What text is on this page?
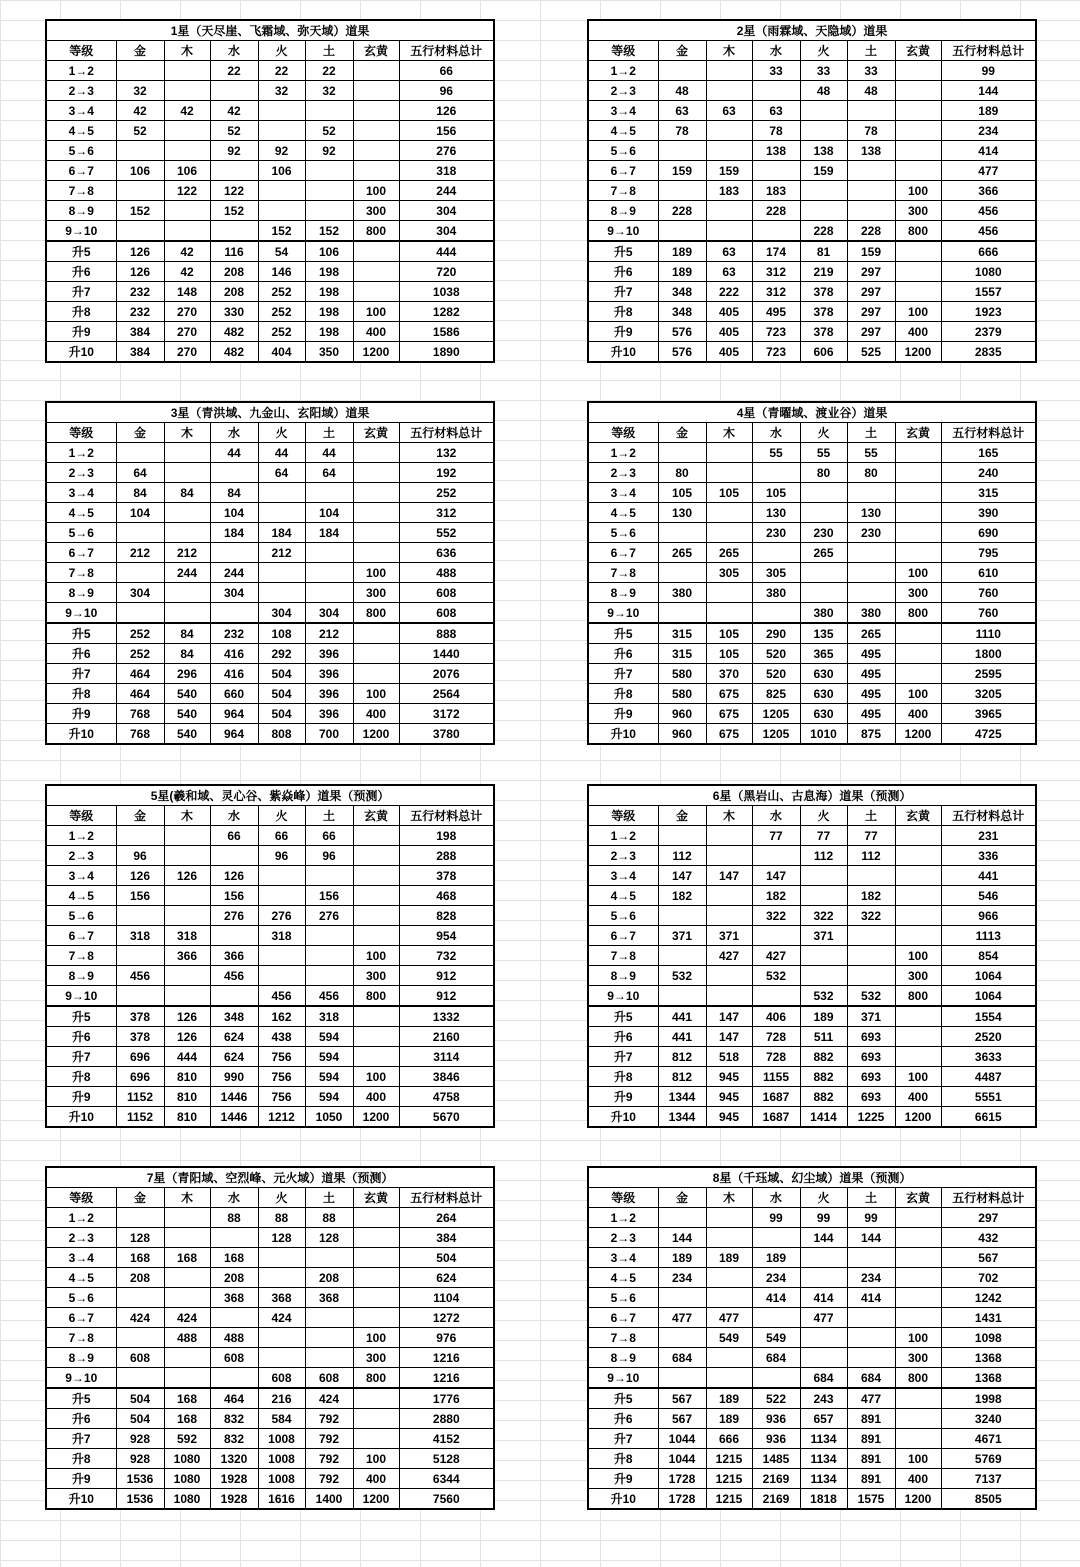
1星（天尽崖、飞霜域、弥天域）道果							
等级	金	木	水	火	土	玄黄	五行材料总计
1→2			22	22	22		66
2→3	32			32	32		96
3→4	42	42	42				126
4→5	52		52		52		156
5→6			92	92	92		276
6→7	106	106		106			318
7→8		122	122			100	244
8→9	152		152			300	304
9→10				152	152	800	304
升5	126	42	116	54	106		444
升6	126	42	208	146	198		720
升7	232	148	208	252	198		1038
升8	232	270	330	252	198	100	1282
升9	384	270	482	252	198	400	1586
升10	384	270	482	404	350	1200	1890
2星（雨霖域、天隐域）道果							
等级	金	木	水	火	土	玄黄	五行材料总计
1→2			33	33	33		99
2→3	48			48	48		144
3→4	63	63	63				189
4→5	78		78		78		234
5→6			138	138	138		414
6→7	159	159		159			477
7→8		183	183			100	366
8→9	228		228			300	456
9→10				228	228	800	456
升5	189	63	174	81	159		666
升6	189	63	312	219	297		1080
升7	348	222	312	378	297		1557
升8	348	405	495	378	297	100	1923
升9	576	405	723	378	297	400	2379
升10	576	405	723	606	525	1200	2835
3星（青洪域、九金山、玄阳域）道果							
等级	金	木	水	火	土	玄黄	五行材料总计
1→2			44	44	44		132
2→3	64			64	64		192
3→4	84	84	84				252
4→5	104		104		104		312
5→6			184	184	184		552
6→7	212	212		212			636
7→8		244	244			100	488
8→9	304		304			300	608
9→10				304	304	800	608
升5	252	84	232	108	212		888
升6	252	84	416	292	396		1440
升7	464	296	416	504	396		2076
升8	464	540	660	504	396	100	2564
升9	768	540	964	504	396	400	3172
升10	768	540	964	808	700	1200	3780
4星（青曜域、渡业谷）道果							
等级	金	木	水	火	土	玄黄	五行材料总计
1→2			55	55	55		165
2→3	80			80	80		240
3→4	105	105	105				315
4→5	130		130		130		390
5→6			230	230	230		690
6→7	265	265		265			795
7→8		305	305			100	610
8→9	380		380			300	760
9→10				380	380	800	760
升5	315	105	290	135	265		1110
升6	315	105	520	365	495		1800
升7	580	370	520	630	495		2595
升8	580	675	825	630	495	100	3205
升9	960	675	1205	630	495	400	3965
升10	960	675	1205	1010	875	1200	4725
5星(羲和域、灵心谷、紫焱峰）道果（预测）							
等级	金	木	水	火	土	玄黄	五行材料总计
1→2			66	66	66		198
2→3	96			96	96		288
3→4	126	126	126				378
4→5	156		156		156		468
5→6			276	276	276		828
6→7	318	318		318			954
7→8		366	366			100	732
8→9	456		456			300	912
9→10				456	456	800	912
升5	378	126	348	162	318		1332
升6	378	126	624	438	594		2160
升7	696	444	624	756	594		3114
升8	696	810	990	756	594	100	3846
升9	1152	810	1446	756	594	400	4758
升10	1152	810	1446	1212	1050	1200	5670
6星（黑岩山、古息海）道果（预测）							
等级	金	木	水	火	土	玄黄	五行材料总计
1→2			77	77	77		231
2→3	112			112	112		336
3→4	147	147	147				441
4→5	182		182		182		546
5→6			322	322	322		966
6→7	371	371		371			1113
7→8		427	427			100	854
8→9	532		532			300	1064
9→10				532	532	800	1064
升5	441	147	406	189	371		1554
升6	441	147	728	511	693		2520
升7	812	518	728	882	693		3633
升8	812	945	1155	882	693	100	4487
升9	1344	945	1687	882	693	400	5551
升10	1344	945	1687	1414	1225	1200	6615
7星（青阳域、空烈峰、元火域）道果（预测）							
等级	金	木	水	火	土	玄黄	五行材料总计
1→2			88	88	88		264
2→3	128			128	128		384
3→4	168	168	168				504
4→5	208		208		208		624
5→6			368	368	368		1104
6→7	424	424		424			1272
7→8		488	488			100	976
8→9	608		608			300	1216
9→10				608	608	800	1216
升5	504	168	464	216	424		1776
升6	504	168	832	584	792		2880
升7	928	592	832	1008	792		4152
升8	928	1080	1320	1008	792	100	5128
升9	1536	1080	1928	1008	792	400	6344
升10	1536	1080	1928	1616	1400	1200	7560
8星（千珏域、幻尘域）道果（预测）							
等级	金	木	水	火	土	玄黄	五行材料总计
1→2			99	99	99		297
2→3	144			144	144		432
3→4	189	189	189				567
4→5	234		234		234		702
5→6			414	414	414		1242
6→7	477	477		477			1431
7→8		549	549			100	1098
8→9	684		684			300	1368
9→10				684	684	800	1368
升5	567	189	522	243	477		1998
升6	567	189	936	657	891		3240
升7	1044	666	936	1134	891		4671
升8	1044	1215	1485	1134	891	100	5769
升9	1728	1215	2169	1134	891	400	7137
升10	1728	1215	2169	1818	1575	1200	8505
